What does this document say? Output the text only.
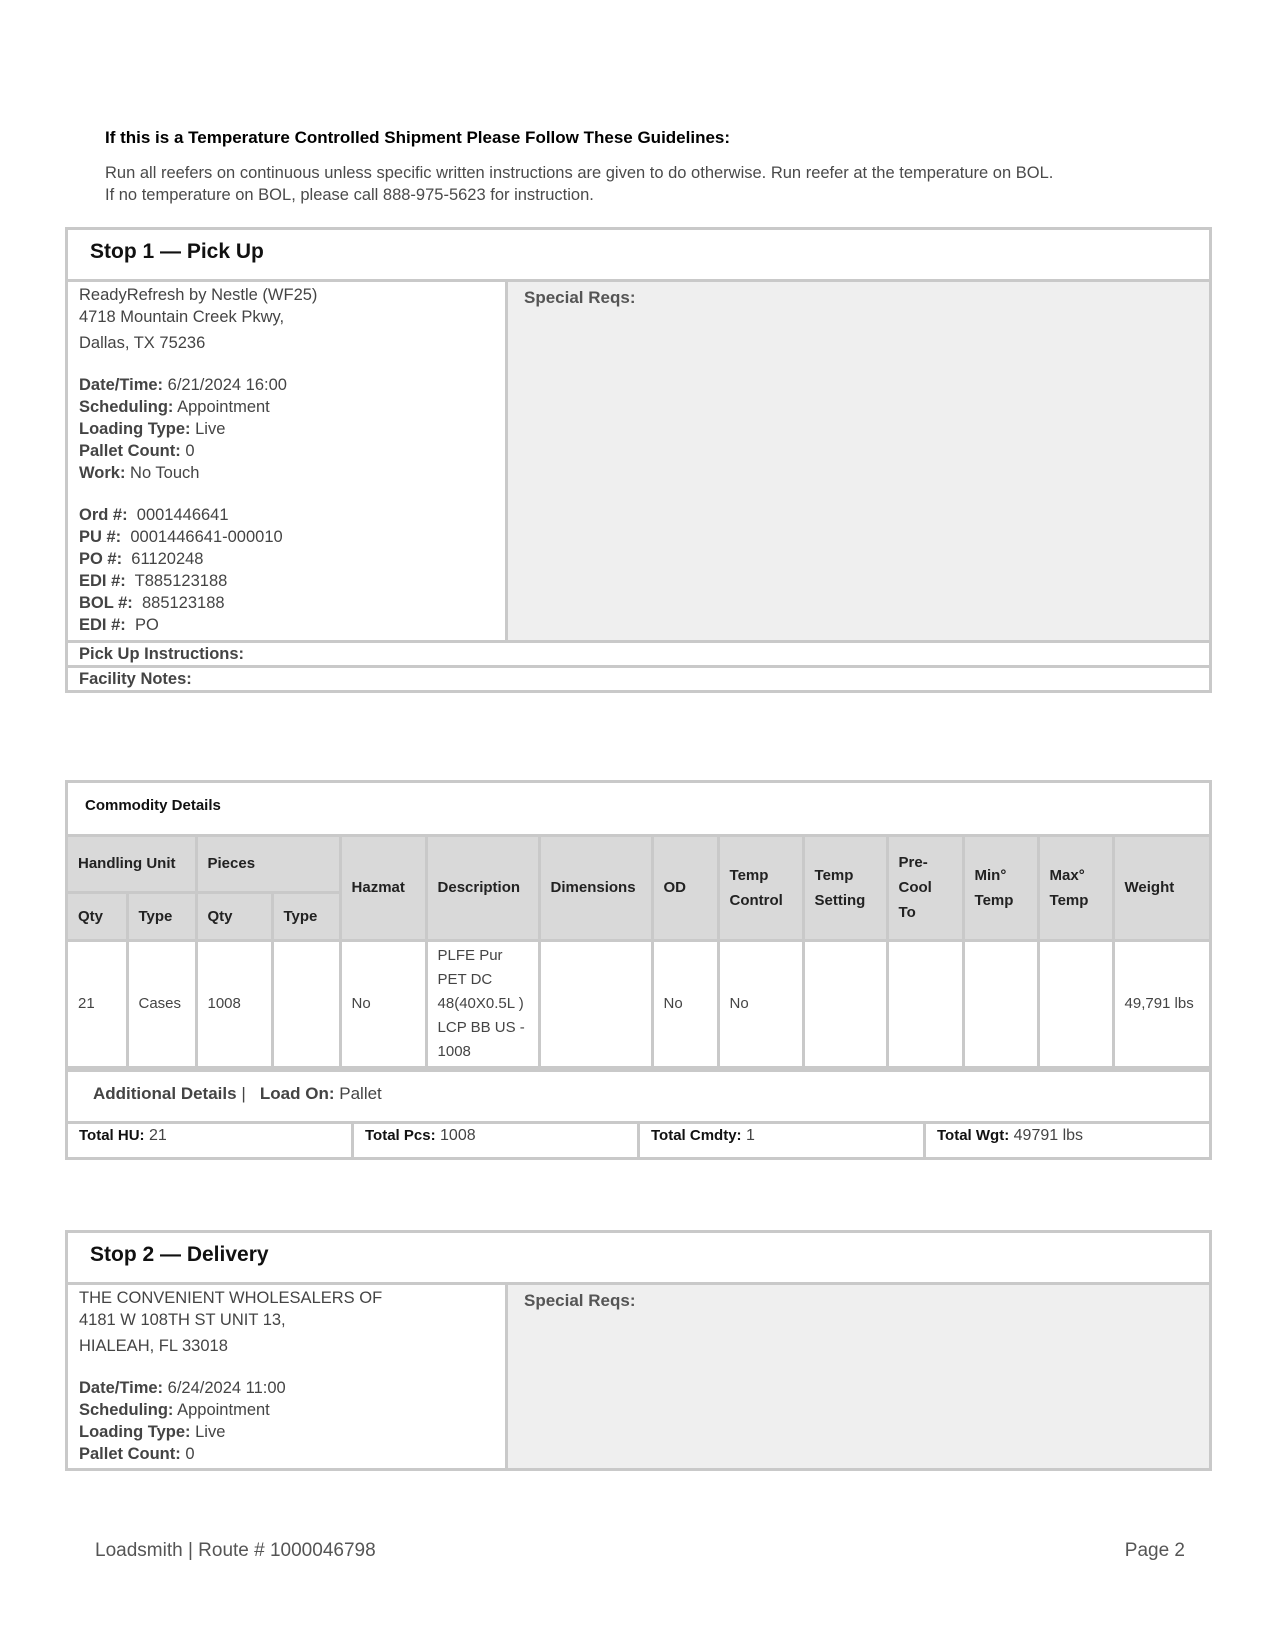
If this is a Temperature Controlled Shipment Please Follow These Guidelines:

Run all reefers on continuous unless specific written instructions are given to do otherwise. Run reefer at the temperature on BOL.

If no temperature on BOL, please call 888-975-5623 for instruction.

Stop 1 — Pick Up
ReadyRefresh by Nestle (WF25)
4718 Mountain Creek Pkwy,
Dallas, TX 75236
Date/Time: 6/21/2024 16:00
Scheduling: Appointment
Loading Type: Live
Pallet Count: 0
Work: No Touch
Ord #: 0001446641
PU #: 0001446641-000010
PO #: 61120248
EDI #: T885123188
BOL #: 885123188
EDI #: PO
Special Reqs:
Pick Up Instructions:
Facility Notes:
Commodity Details
Handling Unit		Pieces		Hazmat	Description	Dimensions	OD	Temp Control	Temp Setting	Pre-Cool To	Min° Temp	Max° Temp	Weight
Qty	Type	Qty	Type										
21	Cases	1008		No	PLFE Pur PET DC 48(40X0.5L ) LCP BB US - 1008		No	No					49,791 lbs
Additional Details | Load On: Pallet
Total HU: 21	Total Pcs: 1008	Total Cmdty: 1	Total Wgt: 49791 lbs
Stop 2 — Delivery
THE CONVENIENT WHOLESALERS OF
4181 W 108TH ST UNIT 13,
HIALEAH, FL 33018
Date/Time: 6/24/2024 11:00
Scheduling: Appointment
Loading Type: Live
Pallet Count: 0
Special Reqs:
Loadsmith | Route # 1000046798	Page 2
